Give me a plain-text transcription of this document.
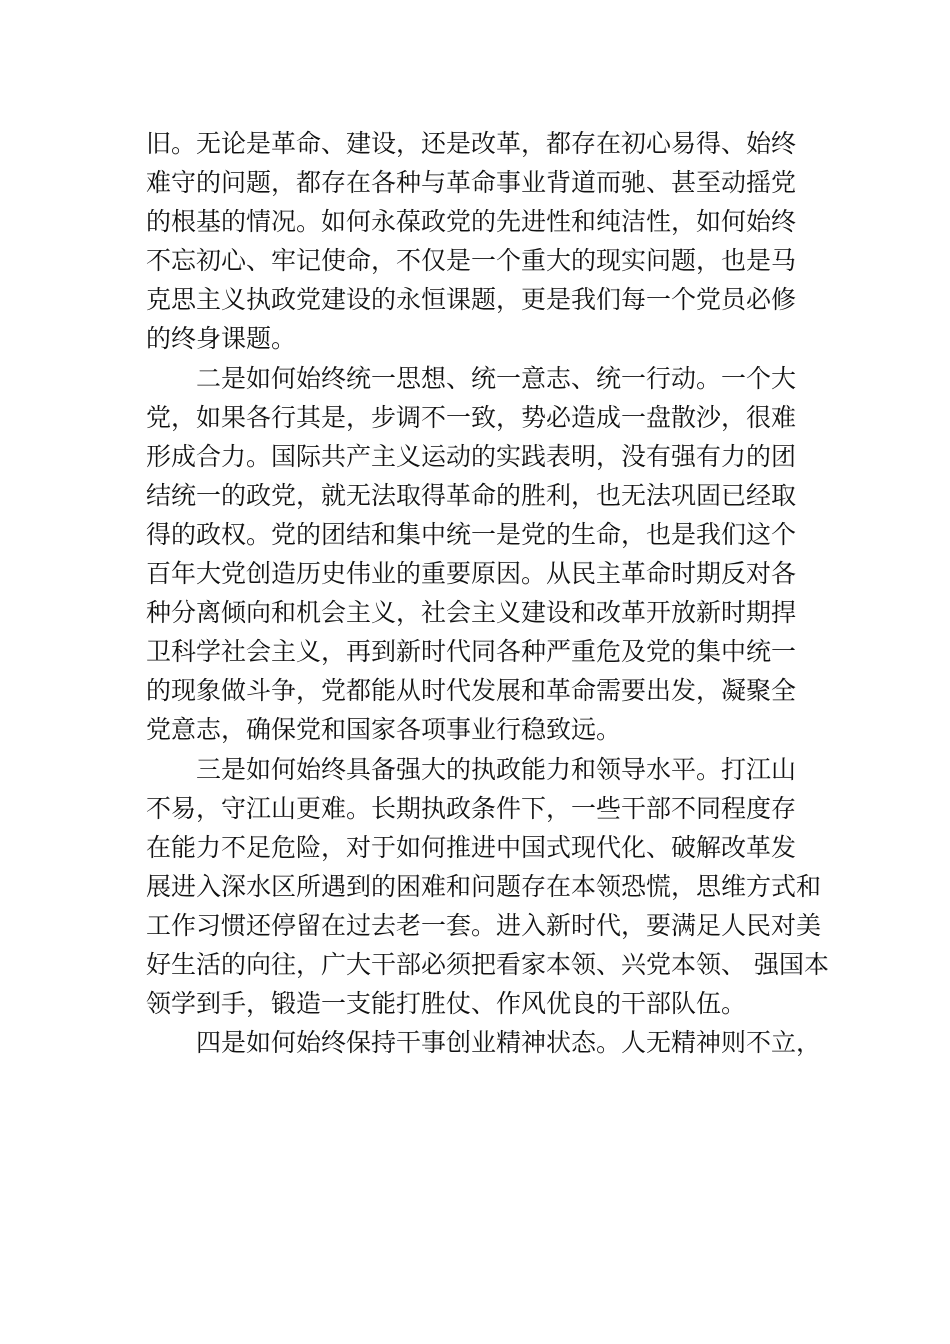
旧。无论是革命、建设，还是改革，都存在初心易得、始终
难守的问题，都存在各种与革命事业背道而驰、甚至动摇党
的根基的情况。如何永葆政党的先进性和纯洁性，如何始终
不忘初心、牢记使命，不仅是一个重大的现实问题，也是马
克思主义执政党建设的永恒课题，更是我们每一个党员必修
的终身课题。
二是如何始终统一思想、统一意志、统一行动。一个大
党，如果各行其是，步调不一致，势必造成一盘散沙，很难
形成合力。国际共产主义运动的实践表明，没有强有力的团
结统一的政党，就无法取得革命的胜利，也无法巩固已经取
得的政权。党的团结和集中统一是党的生命，也是我们这个
百年大党创造历史伟业的重要原因。从民主革命时期反对各
种分离倾向和机会主义，社会主义建设和改革开放新时期捍
卫科学社会主义，再到新时代同各种严重危及党的集中统一
的现象做斗争，党都能从时代发展和革命需要出发，凝聚全
党意志，确保党和国家各项事业行稳致远。
三是如何始终具备强大的执政能力和领导水平。打江山
不易，守江山更难。长期执政条件下，一些干部不同程度存
在能力不足危险，对于如何推进中国式现代化、破解改革发
展进入深水区所遇到的困难和问题存在本领恐慌，思维方式和
工作习惯还停留在过去老一套。进入新时代，要满足人民对美
好生活的向往，广大干部必须把看家本领、兴党本领、 强国本
领学到手，锻造一支能打胜仗、作风优良的干部队伍。
四是如何始终保持干事创业精神状态。人无精神则不立，
